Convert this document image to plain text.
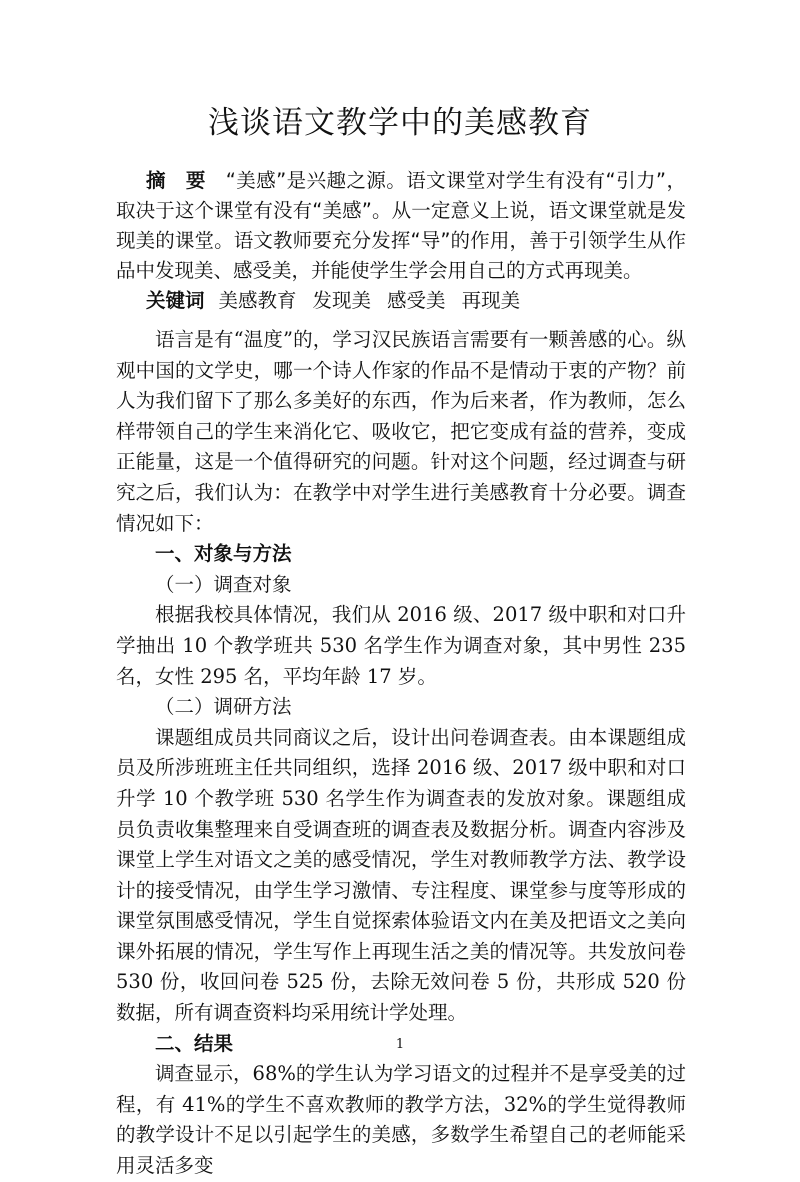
浅谈语文教学中的美感教育

摘　要　 “美感”是兴趣之源。语文课堂对学生有没有“引力”，取决于这个课堂有没有“美感”。从一定意义上说，语文课堂就是发现美的课堂。语文教师要充分发挥“导”的作用，善于引领学生从作品中发现美、感受美，并能使学生学会用自己的方式再现美。

关键词 美感教育 发现美 感受美 再现美

语言是有“温度”的，学习汉民族语言需要有一颗善感的心。纵观中国的文学史，哪一个诗人作家的作品不是情动于衷的产物？前人为我们留下了那么多美好的东西，作为后来者，作为教师，怎么样带领自己的学生来消化它、吸收它，把它变成有益的营养，变成正能量，这是一个值得研究的问题。针对这个问题，经过调查与研究之后，我们认为：在教学中对学生进行美感教育十分必要。调查情况如下：

一、对象与方法

（一）调查对象

根据我校具体情况，我们从 2016 级、2017 级中职和对口升学抽出 10 个教学班共 530 名学生作为调查对象，其中男性 235 名，女性 295 名，平均年龄 17 岁。

（二）调研方法

课题组成员共同商议之后，设计出问卷调查表。由本课题组成员及所涉班班主任共同组织，选择 2016 级、2017 级中职和对口升学 10 个教学班 530 名学生作为调查表的发放对象。课题组成员负责收集整理来自受调查班的调查表及数据分析。调查内容涉及课堂上学生对语文之美的感受情况，学生对教师教学方法、教学设计的接受情况，由学生学习激情、专注程度、课堂参与度等形成的课堂氛围感受情况，学生自觉探索体验语文内在美及把语文之美向课外拓展的情况，学生写作上再现生活之美的情况等。共发放问卷 530 份，收回问卷 525 份，去除无效问卷 5 份，共形成 520 份数据，所有调查资料均采用统计学处理。

二、结果

调查显示，68%的学生认为学习语文的过程并不是享受美的过程，有 41%的学生不喜欢教师的教学方法，32%的学生觉得教师的教学设计不足以引起学生的美感，多数学生希望自己的老师能采用灵活多变

1
